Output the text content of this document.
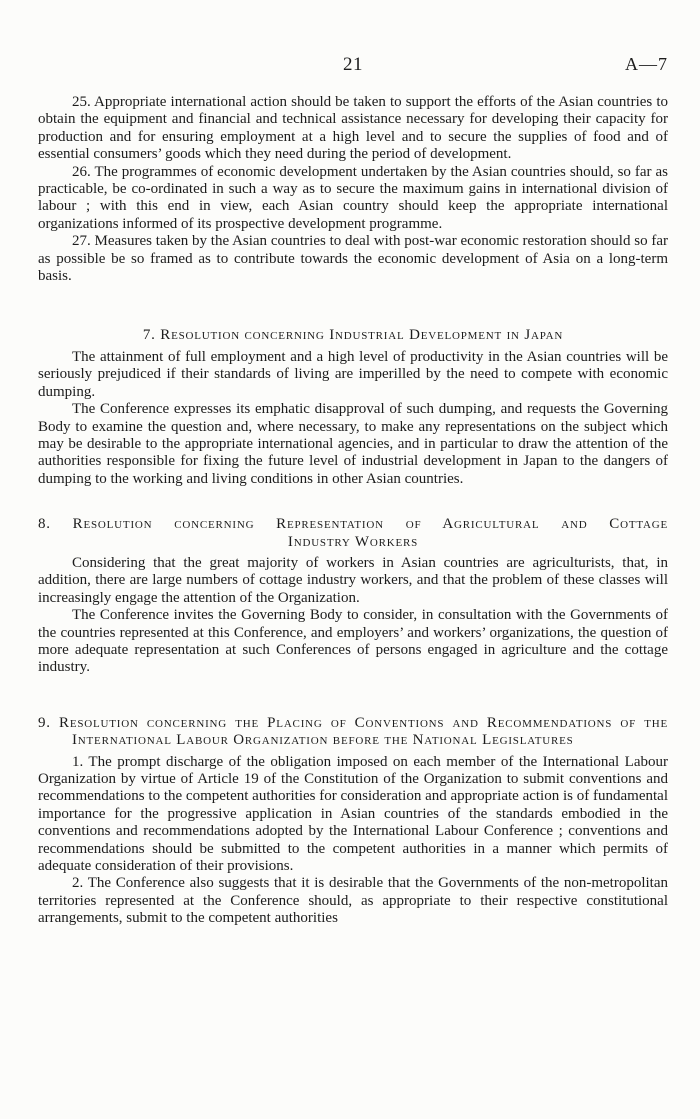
21	A—7

25. Appropriate international action should be taken to support the efforts of the Asian countries to obtain the equipment and financial and technical assistance necessary for developing their capacity for production and for ensuring employment at a high level and to secure the supplies of food and of essential consumers’ goods which they need during the period of development.

26. The programmes of economic development undertaken by the Asian countries should, so far as practicable, be co-ordinated in such a way as to secure the maximum gains in international division of labour ; with this end in view, each Asian country should keep the appropriate international organizations informed of its prospective development programme.

27. Measures taken by the Asian countries to deal with post-war economic restoration should so far as possible be so framed as to contribute towards the economic development of Asia on a long-term basis.

7. Resolution concerning Industrial Development in Japan

The attainment of full employment and a high level of productivity in the Asian countries will be seriously prejudiced if their standards of living are imperilled by the need to compete with economic dumping.

The Conference expresses its emphatic disapproval of such dumping, and requests the Governing Body to examine the question and, where necessary, to make any representations on the subject which may be desirable to the appropriate international agencies, and in particular to draw the attention of the authorities responsible for fixing the future level of industrial development in Japan to the dangers of dumping to the working and living conditions in other Asian countries.

8. Resolution concerning Representation of Agricultural and Cottage
Industry Workers

Considering that the great majority of workers in Asian countries are agriculturists, that, in addition, there are large numbers of cottage industry workers, and that the problem of these classes will increasingly engage the attention of the Organization.

The Conference invites the Governing Body to consider, in consultation with the Governments of the countries represented at this Conference, and employers’ and workers’ organizations, the question of more adequate representation at such Conferences of persons engaged in agriculture and the cottage industry.

9. Resolution concerning the Placing of Conventions and Recommendations of the International Labour Organization before the National Legislatures

1. The prompt discharge of the obligation imposed on each member of the International Labour Organization by virtue of Article 19 of the Constitution of the Organization to submit conventions and recommendations to the competent authorities for consideration and appropriate action is of fundamental importance for the progressive application in Asian countries of the standards embodied in the conventions and recommendations adopted by the International Labour Conference ; conventions and recommendations should be submitted to the competent authorities in a manner which permits of adequate consideration of their provisions.

2. The Conference also suggests that it is desirable that the Governments of the non-metropolitan territories represented at the Conference should, as appropriate to their respective constitutional arrangements, submit to the competent authorities
